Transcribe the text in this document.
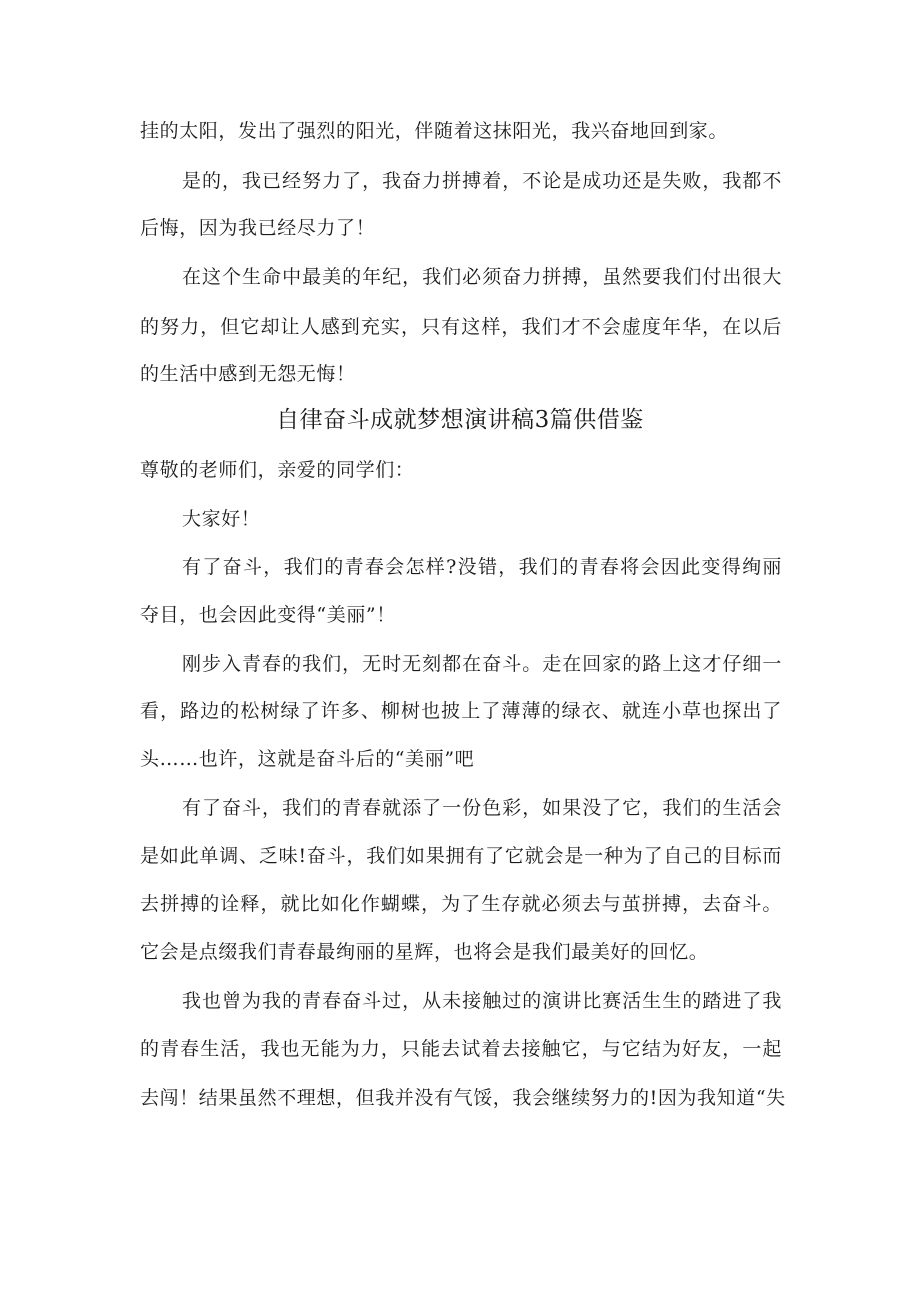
挂的太阳，发出了强烈的阳光，伴随着这抹阳光，我兴奋地回到家。
是的，我已经努力了，我奋力拼搏着，不论是成功还是失败，我都不
后悔，因为我已经尽力了！
在这个生命中最美的年纪，我们必须奋力拼搏，虽然要我们付出很大
的努力，但它却让人感到充实，只有这样，我们才不会虚度年华，在以后
的生活中感到无怨无悔！
自律奋斗成就梦想演讲稿3篇供借鉴
尊敬的老师们，亲爱的同学们：
大家好！
有了奋斗，我们的青春会怎样?没错，我们的青春将会因此变得绚丽
夺目，也会因此变得“美丽”！
刚步入青春的我们，无时无刻都在奋斗。走在回家的路上这才仔细一
看，路边的松树绿了许多、柳树也披上了薄薄的绿衣、就连小草也探出了
头……也许，这就是奋斗后的“美丽”吧
有了奋斗，我们的青春就添了一份色彩，如果没了它，我们的生活会
是如此单调、乏味!奋斗，我们如果拥有了它就会是一种为了自己的目标而
去拼搏的诠释，就比如化作蝴蝶，为了生存就必须去与茧拼搏，去奋斗。
它会是点缀我们青春最绚丽的星辉，也将会是我们最美好的回忆。
我也曾为我的青春奋斗过，从未接触过的演讲比赛活生生的踏进了我
的青春生活，我也无能为力，只能去试着去接触它，与它结为好友，一起
去闯！结果虽然不理想，但我并没有气馁，我会继续努力的!因为我知道“失
